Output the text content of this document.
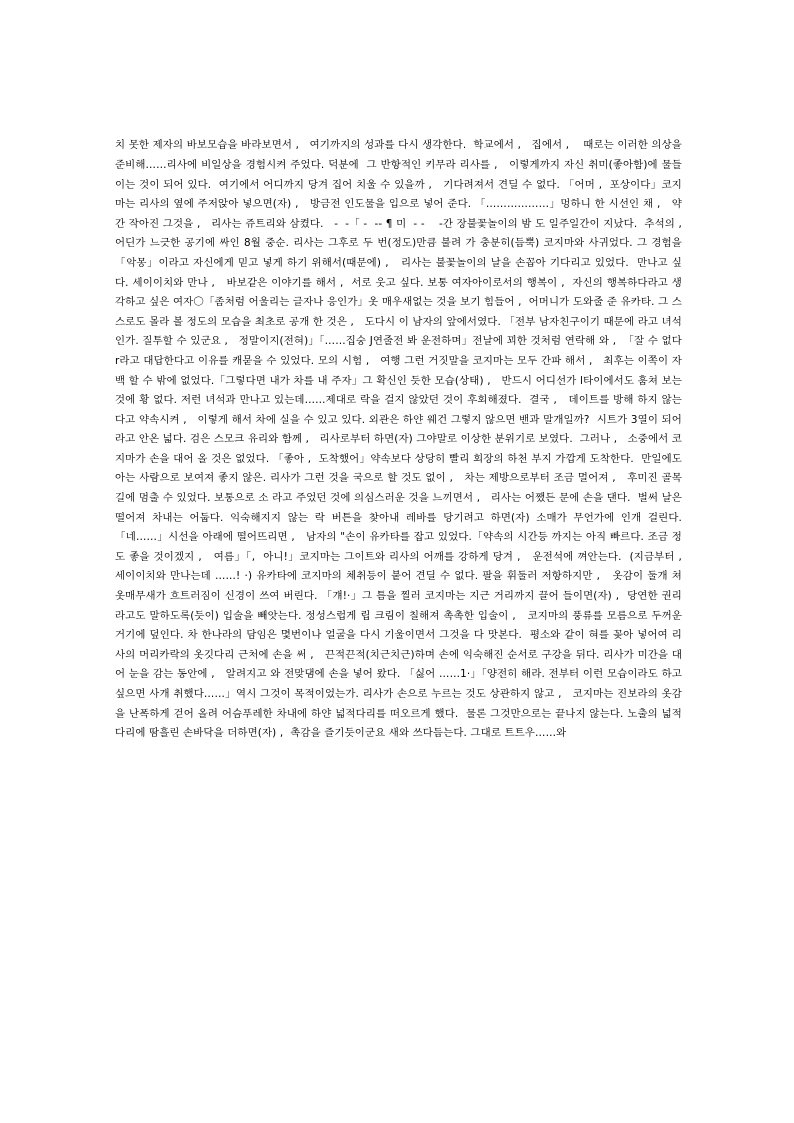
치 못한 제자의 바보모습을 바라보면서 ,   여기까지의 성과를 다시 생각한다.  학교에서 ,   집에서 ,    때로는 이러한 의상을 준비해……리사에 비일상을 경험시켜 주었다. 덕분에  그 반항적인 키무라 리사를 ,   이렇게까지 자신 취미(좋아함)에 물들이는 것이 되어 있다.  여기에서 어디까지 당겨 집어 치울 수 있을까 ,   기다려져서 견딜 수 없다. 「어머 ,  포상이다」코지마는 리사의 옆에 주저앉아 넣으면(자) ,   방금전 인도물을 입으로 넣어 준다. 「………………」멍하니 한 시선인 채 ,   약간 작아진 그것을 ,   리사는 쥬트리와 삼켰다.   -  -「 -  -- ¶ 미  - -    -간 장불꽃놀이의 밤 도 일주일간이 지났다.  추석의 ,   어딘가 느긋한 공기에 싸인 8월 중순. 리사는 그후로 두 번(정도)만큼 불려 가 충분히(듬뿍) 코지마와 사귀었다. 그 경험을「악몽」이라고 자신에게 믿고 넣게 하기 위해서(때문에) ,   리사는 불꽃놀이의 날을 손꼽아 기다리고 있었다.  만나고 싶다. 세이이치와 만나 ,   바보같은 이야기를 해서 ,  서로 웃고 싶다. 보통 여자아이로서의 행복이 ,  자신의 행복하다라고 생각하고 싶은 여자〇「좀처럼 어울리는 글자나 응인가」옷 매우새없는 것을 보기 힘들어 ,  어머니가 도와줄 준 유카타. 그 스스로도 몰라 볼 정도의 모습을 최초로 공개 한 것은 ,   도다시 이 남자의 앞에서였다. 「전부 남자친구이기 때문에 라고 녀석인가. 질투할 수 있군요 ,   정말이지(전혀)」「……집숭 J연줄전 봐 운전하며」전날에 꾀한 것처럼 연락해 와 ,  「잘 수 없다r라고 대답한다고 이유를 캐묻을 수 있었다. 모의 시험 ,   여행 그런 거짓말을 코지마는 모두 간파 해서 ,   최후는 이쪽이 자백 할 수 밖에 없었다.「그렇다면 내가 차를 내 주자」그 확신인 듯한 모습(상태) ,   반드시 어디선가 l타이에서도 훔쳐 보는 것에 황 없다. 저런 녀석과 만나고 있는데……제대로 락을 걸지 않았던 것이 후회해졌다.  결국 ,   데이트를 방해 하지 않는다고 약속시켜 ,   이렇게 해서 차에 실을 수 있고 있다. 외관은 하얀 웨건 그렇지 않으면 밴과 말개일까?  시트가 3열이 되어 라고 안온 넓다. 검은 스모크 유리와 함께 ,   리사로부터 하면(자) 그야말로 이상한 분위기로 보였다.  그러나 ,   소중에서 코지마가 손을 대어 올 것은 없었다. 「좋아 ,  도착했어」약속보다 상당히 빨리 회장의 하천 부지 가깝게 도착한다.  만일에도 아는 사람으로 보여져 좋지 않은. 리사가 그런 것을 국으로 할 것도 없이 ,   차는 제방으로부터 조금 멀어져 ,   후미진 골목길에 멈출 수 있었다. 보통으로 소 라고 주었던 것에 의심스러운 것을 느끼면서 ,   리사는 어쨌든 문에 손을 댄다.  벌써 날은 떨어져 차내는 어둡다. 익숙해지지 않는 락 버튼을 찾아내 레바를 당기려고 하면(자) 소매가 무언가에 인개 걸린다.「네……」시선을 아래에 떨어뜨리면 ,   남자의 "손이 유카타를 잡고 있었다.「약속의 시간등 까지는 아직 빠르다. 조금 정도 좋을 것이겠지 ,   여름」「,  아니!」코지마는 그이트와 리사의 어깨를 강하게 당겨 ,   운전석에 껴안는다.  (지금부터 ,   세이이치와 만나는데 ……! ·) 유카타에 코지마의 체취등이 붙어 견딜 수 없다. 팔을 휘둘러 저항하지만 ,   옷감이 둘개 쳐 옷매무새가 흐트러짐이 신경이 쓰여 버린다. 「걔!·」그 틈을 찔러 코지마는 지근 거리까지 끌어 들이면(자) ,  당연한 권리라고도 말하도록(듯이) 입술을 빼앗는다. 정성스럽게 립 크림이 칠해져 촉촉한 입술이 ,   코지마의 풍류를 모름으로 두꺼운 거기에 덮인다. 차 한나라의 담임은 몇번이나 얼굴을 다시 기울이면서 그것을 다 맛본다.  평소와 같이 혀를 꽂아 넣어여 리사의 머리카락의 옷깃다리 근처에 손을 써 ,   끈적끈적(치근치근)하며 손에 익숙해진 순서로 구강을 뒤다. 리사가 미간을 대어 눈을 감는 동안에 ,   알려지고 와 전맞댐에 손을 넣어 왔다. 「싫어 ……1·」「양전히 해라. 전부터 이런 모습이라도 하고 싶으면 사개 취했다……」역시 그것이 목적이었는가. 리사가 손으로 누르는 것도 상관하지 않고 ,   코지마는 진보라의 옷감을 난폭하게 걷어 올려 어슴푸레한 차내에 하얀 넓적다리를 떠오르게 했다.  물론 그것만으로는 끝나지 않는다. 노출의 넓적다리에 땀흘린 손바닥을 더하면(자) ,  촉감을 즐기듯이군요 새와 쓰다듬는다. 그대로 트트우……와
